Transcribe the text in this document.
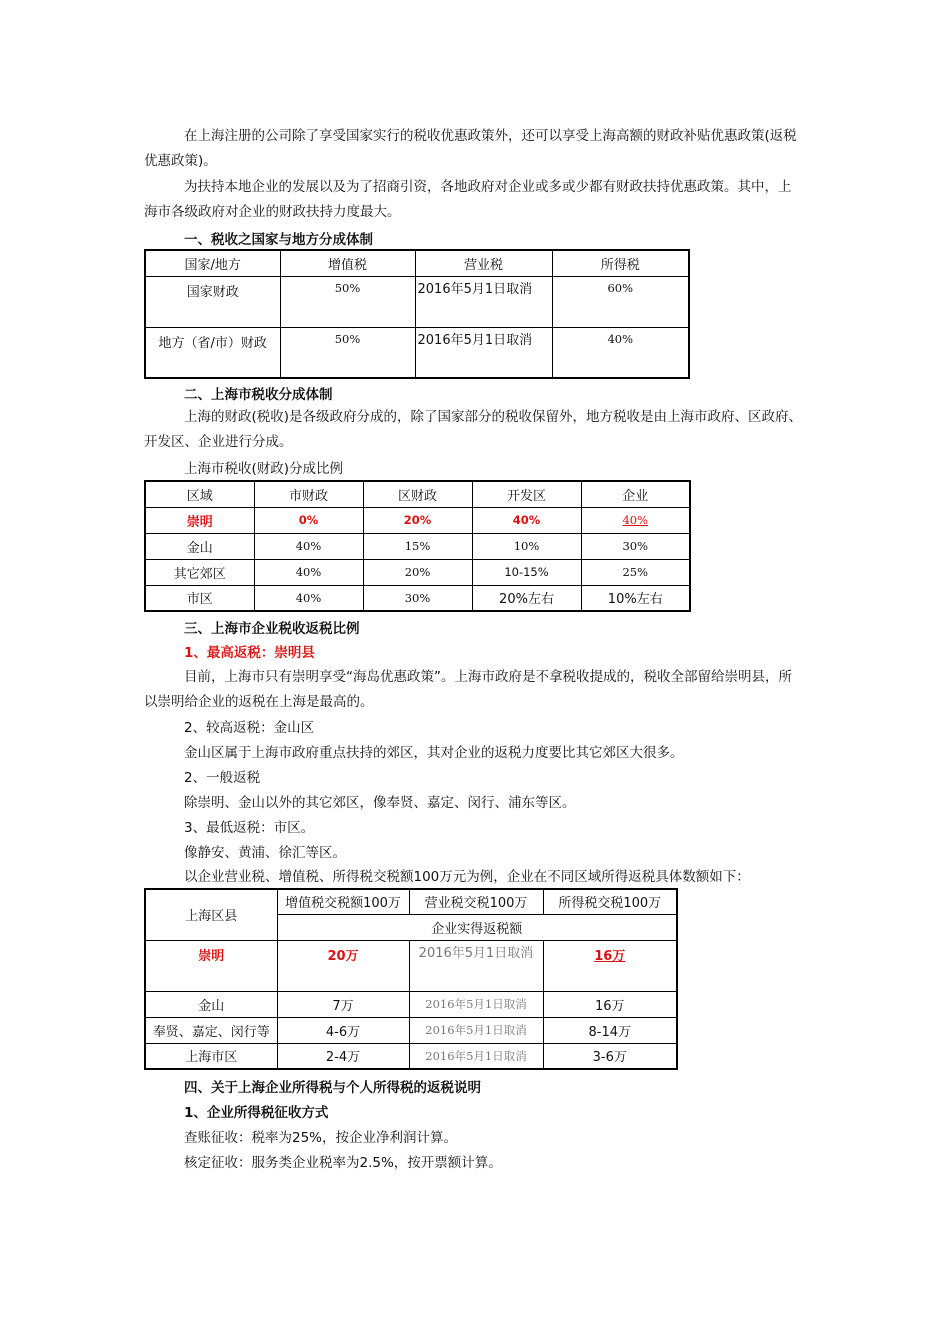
在上海注册的公司除了享受国家实行的税收优惠政策外，还可以享受上海高额的财政补贴优惠政策(返税优惠政策)。
为扶持本地企业的发展以及为了招商引资，各地政府对企业或多或少都有财政扶持优惠政策。其中，上海市各级政府对企业的财政扶持力度最大。
一、税收之国家与地方分成体制
国家/地方	增值税	营业税	所得税
国家财政	50%	2016年5月1日取消	60%
地方（省/市）财政	50%	2016年5月1日取消	40%
二、上海市税收分成体制
上海的财政(税收)是各级政府分成的，除了国家部分的税收保留外，地方税收是由上海市政府、区政府、开发区、企业进行分成。
上海市税收(财政)分成比例
区域	市财政	区财政	开发区	企业
崇明	0%	20%	40%	40%
金山	40%	15%	10%	30%
其它郊区	40%	20%	10-15%	25%
市区	40%	30%	20%左右	10%左右
三、上海市企业税收返税比例
1、最高返税：崇明县
目前，上海市只有崇明享受“海岛优惠政策”。上海市政府是不拿税收提成的，税收全部留给崇明县，所以崇明给企业的返税在上海是最高的。
2、较高返税：金山区
金山区属于上海市政府重点扶持的郊区，其对企业的返税力度要比其它郊区大很多。
2、一般返税
除崇明、金山以外的其它郊区，像奉贤、嘉定、闵行、浦东等区。
3、最低返税：市区。
像静安、黄浦、徐汇等区。
以企业营业税、增值税、所得税交税额100万元为例，企业在不同区域所得返税具体数额如下：
上海区县	增值税交税额100万	营业税交税100万	所得税交税100万
	企业实得返税额		
崇明	20万	2016年5月1日取消	16万
金山	7万	2016年5月1日取消	16万
奉贤、嘉定、闵行等	4-6万	2016年5月1日取消	8-14万
上海市区	2-4万	2016年5月1日取消	3-6万
四、关于上海企业所得税与个人所得税的返税说明
1、企业所得税征收方式
查账征收：税率为25%，按企业净利润计算。
核定征收：服务类企业税率为2.5%，按开票额计算。
